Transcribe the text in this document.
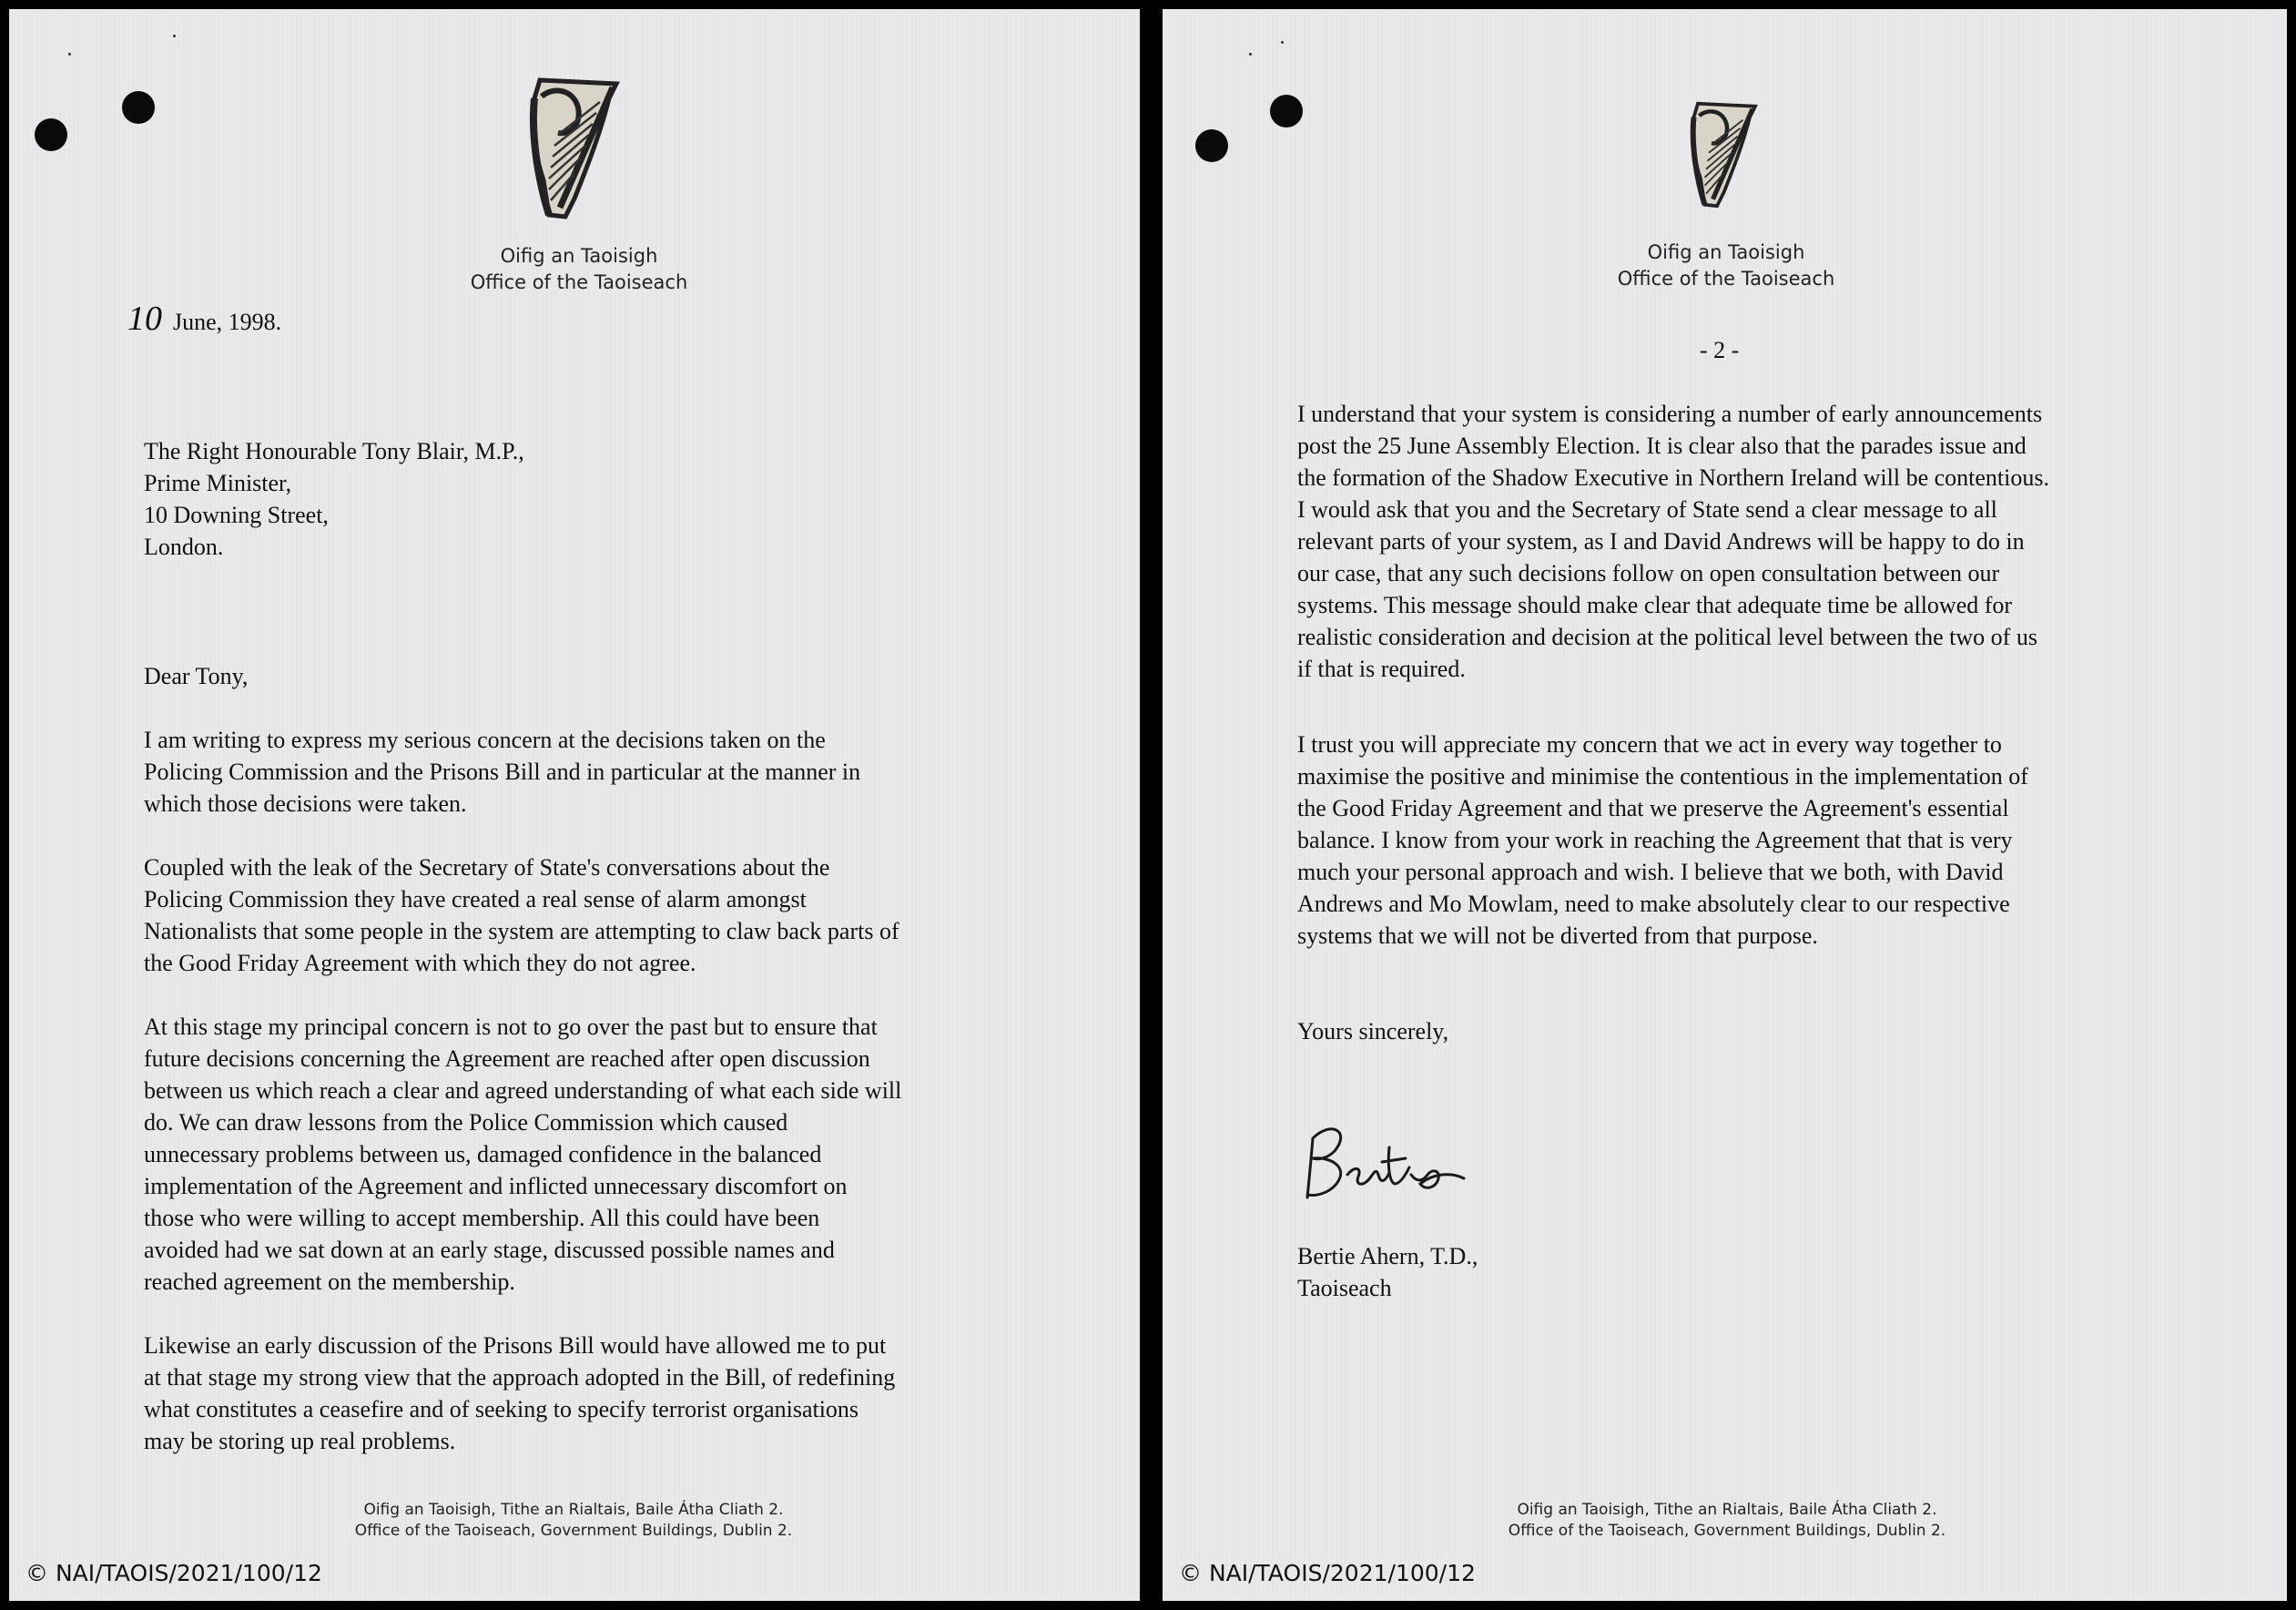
Oifig an Taoisigh
Office of the Taoiseach
10 June, 1998.
The Right Honourable Tony Blair, M.P.,
Prime Minister,
10 Downing Street,
London.
Dear Tony,
I am writing to express my serious concern at the decisions taken on the
Policing Commission and the Prisons Bill and in particular at the manner in
which those decisions were taken.
Coupled with the leak of the Secretary of State's conversations about the
Policing Commission they have created a real sense of alarm amongst
Nationalists that some people in the system are attempting to claw back parts of
the Good Friday Agreement with which they do not agree.
At this stage my principal concern is not to go over the past but to ensure that
future decisions concerning the Agreement are reached after open discussion
between us which reach a clear and agreed understanding of what each side will
do. We can draw lessons from the Police Commission which caused
unnecessary problems between us, damaged confidence in the balanced
implementation of the Agreement and inflicted unnecessary discomfort on
those who were willing to accept membership. All this could have been
avoided had we sat down at an early stage, discussed possible names and
reached agreement on the membership.
Likewise an early discussion of the Prisons Bill would have allowed me to put
at that stage my strong view that the approach adopted in the Bill, of redefining
what constitutes a ceasefire and of seeking to specify terrorist organisations
may be storing up real problems.
Oifig an Taoisigh, Tithe an Rialtais, Baile Átha Cliath 2.
Office of the Taoiseach, Government Buildings, Dublin 2.
© NAI/TAOIS/2021/100/12
Oifig an Taoisigh
Office of the Taoiseach
- 2 -
I understand that your system is considering a number of early announcements
post the 25 June Assembly Election. It is clear also that the parades issue and
the formation of the Shadow Executive in Northern Ireland will be contentious.
I would ask that you and the Secretary of State send a clear message to all
relevant parts of your system, as I and David Andrews will be happy to do in
our case, that any such decisions follow on open consultation between our
systems. This message should make clear that adequate time be allowed for
realistic consideration and decision at the political level between the two of us
if that is required.
I trust you will appreciate my concern that we act in every way together to
maximise the positive and minimise the contentious in the implementation of
the Good Friday Agreement and that we preserve the Agreement's essential
balance. I know from your work in reaching the Agreement that that is very
much your personal approach and wish. I believe that we both, with David
Andrews and Mo Mowlam, need to make absolutely clear to our respective
systems that we will not be diverted from that purpose.
Yours sincerely,
Bertie Ahern, T.D.,
Taoiseach
Oifig an Taoisigh, Tithe an Rialtais, Baile Átha Cliath 2.
Office of the Taoiseach, Government Buildings, Dublin 2.
© NAI/TAOIS/2021/100/12
